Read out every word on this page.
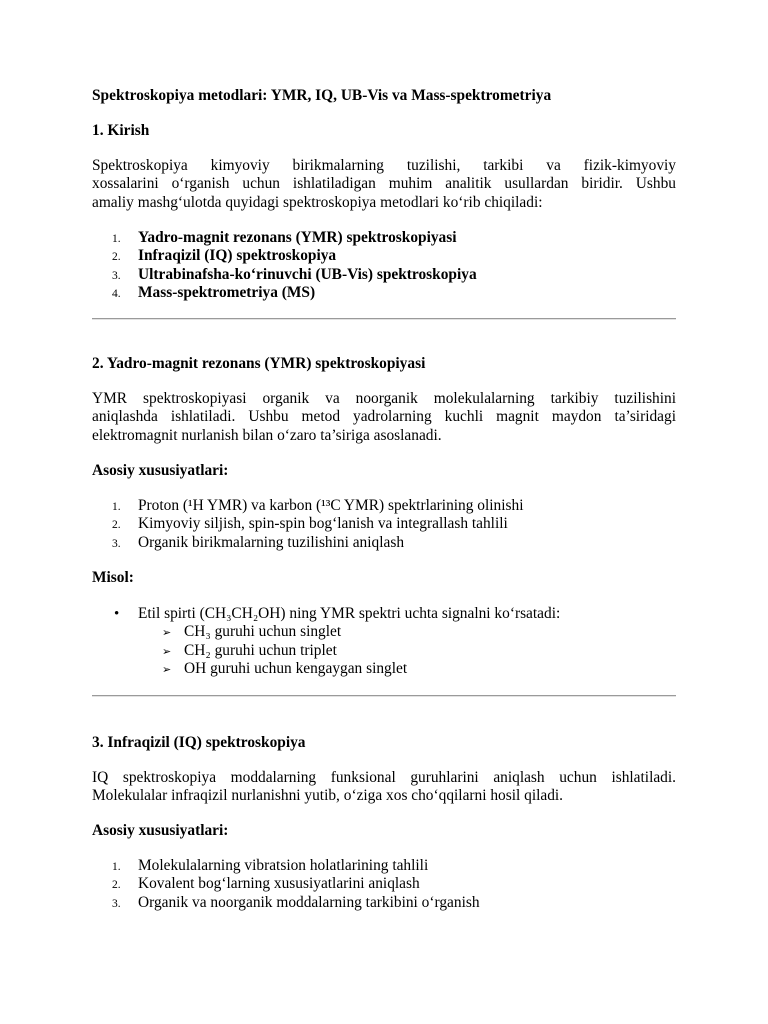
Spektroskopiya metodlari: YMR, IQ, UB-Vis va Mass-spektrometriya
1. Kirish
Spektroskopiya kimyoviy birikmalarning tuzilishi, tarkibi va fizik-kimyoviy
xossalarini o‘rganish uchun ishlatiladigan muhim analitik usullardan biridir. Ushbu
amaliy mashg‘ulotda quyidagi spektroskopiya metodlari ko‘rib chiqiladi:
1. Yadro-magnit rezonans (YMR) spektroskopiyasi
2. Infraqizil (IQ) spektroskopiya
3. Ultrabinafsha-ko‘rinuvchi (UB-Vis) spektroskopiya
4. Mass-spektrometriya (MS)
2. Yadro-magnit rezonans (YMR) spektroskopiyasi
YMR spektroskopiyasi organik va noorganik molekulalarning tarkibiy tuzilishini
aniqlashda ishlatiladi. Ushbu metod yadrolarning kuchli magnit maydon ta’siridagi
elektromagnit nurlanish bilan o‘zaro ta’siriga asoslanadi.
Asosiy xususiyatlari:
1. Proton (¹H YMR) va karbon (¹³C YMR) spektrlarining olinishi
2. Kimyoviy siljish, spin-spin bog‘lanish va integrallash tahlili
3. Organik birikmalarning tuzilishini aniqlash
Misol:
• Etil spirti (CH₃CH₂OH) ning YMR spektri uchta signalni ko‘rsatadi:
➢ CH₃ guruhi uchun singlet
➢ CH₂ guruhi uchun triplet
➢ OH guruhi uchun kengaygan singlet
3. Infraqizil (IQ) spektroskopiya
IQ spektroskopiya moddalarning funksional guruhlarini aniqlash uchun ishlatiladi.
Molekulalar infraqizil nurlanishni yutib, o‘ziga xos cho‘qqilarni hosil qiladi.
Asosiy xususiyatlari:
1. Molekulalarning vibratsion holatlarining tahlili
2. Kovalent bog‘larning xususiyatlarini aniqlash
3. Organik va noorganik moddalarning tarkibini o‘rganish
